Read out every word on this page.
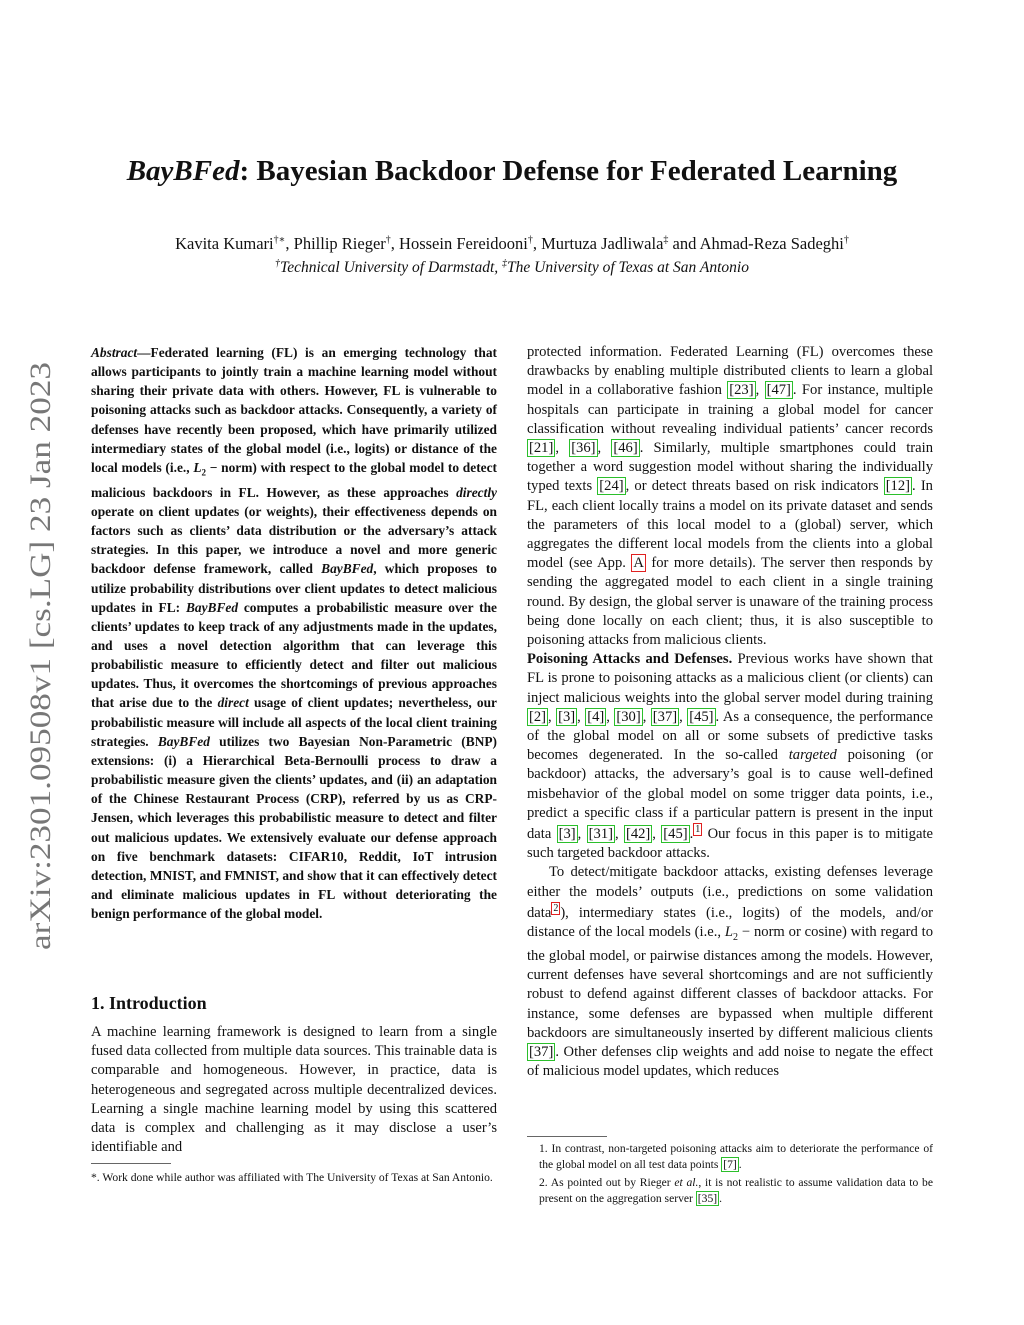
arXiv:2301.09508v1 [cs.LG] 23 Jan 2023
BayBFed: Bayesian Backdoor Defense for Federated Learning
Kavita Kumari†∗, Phillip Rieger†, Hossein Fereidooni†, Murtuza Jadliwala‡ and Ahmad-Reza Sadeghi†
†Technical University of Darmstadt, ‡The University of Texas at San Antonio

Abstract—Federated learning (FL) is an emerging technology that allows participants to jointly train a machine learning model without sharing their private data with others. However, FL is vulnerable to poisoning attacks such as backdoor attacks. Consequently, a variety of defenses have recently been proposed, which have primarily utilized intermediary states of the global model (i.e., logits) or distance of the local models (i.e., $L_2$ − norm) with respect to the global model to detect malicious backdoors in FL. However, as these approaches directly operate on client updates (or weights), their effectiveness depends on factors such as clients’ data distribution or the adversary’s attack strategies. In this paper, we introduce a novel and more generic backdoor defense framework, called BayBFed, which proposes to utilize probability distributions over client updates to detect malicious updates in FL: BayBFed computes a probabilistic measure over the clients’ updates to keep track of any adjustments made in the updates, and uses a novel detection algorithm that can leverage this probabilistic measure to efficiently detect and filter out malicious updates. Thus, it overcomes the shortcomings of previous approaches that arise due to the direct usage of client updates; nevertheless, our probabilistic measure will include all aspects of the local client training strategies. BayBFed utilizes two Bayesian Non-Parametric (BNP) extensions: (i) a Hierarchical Beta-Bernoulli process to draw a probabilistic measure given the clients’ updates, and (ii) an adaptation of the Chinese Restaurant Process (CRP), referred by us as CRP-Jensen, which leverages this probabilistic measure to detect and filter out malicious updates. We extensively evaluate our defense approach on five benchmark datasets: CIFAR10, Reddit, IoT intrusion detection, MNIST, and FMNIST, and show that it can effectively detect and eliminate malicious updates in FL without deteriorating the benign performance of the global model.

1. Introduction

A machine learning framework is designed to learn from a single fused data collected from multiple data sources. This trainable data is comparable and homogeneous. However, in practice, data is heterogeneous and segregated across multiple decentralized devices. Learning a single machine learning model by using this scattered data is complex and challenging as it may disclose a user’s identifiable and

*. Work done while author was affiliated with The University of Texas at San Antonio.

protected information. Federated Learning (FL) overcomes these drawbacks by enabling multiple distributed clients to learn a global model in a collaborative fashion [23] , [47] . For instance, multiple hospitals can participate in training a global model for cancer classification without revealing individual patients’ cancer records [21] , [36] , [46] . Similarly, multiple smartphones could train together a word suggestion model without sharing the individually typed texts [24] , or detect threats based on risk indicators [12] . In FL, each client locally trains a model on its private dataset and sends the parameters of this local model to a (global) server, which aggregates the different local models from the clients into a global model (see App. A for more details). The server then responds by sending the aggregated model to each client in a single training round. By design, the global server is unaware of the training process being done locally on each client; thus, it is also susceptible to poisoning attacks from malicious clients.

Poisoning Attacks and Defenses. Previous works have shown that FL is prone to poisoning attacks as a malicious client (or clients) can inject malicious weights into the global server model during training [2] , [3] , [4] , [30] , [37] , [45] . As a consequence, the performance of the global model on all or some subsets of predictive tasks becomes degenerated. In the so-called targeted poisoning (or backdoor) attacks, the adversary’s goal is to cause well-defined misbehavior of the global model on some trigger data points, i.e., predict a specific class if a particular pattern is present in the input data [3] , [31] , [42] , [45] . $^1$ Our focus in this paper is to mitigate such targeted backdoor attacks.

To detect/mitigate backdoor attacks, existing defenses leverage either the models’ outputs (i.e., predictions on some validation data $^2$ ), intermediary states (i.e., logits) of the models, and/or distance of the local models (i.e., $L_2$ − norm or cosine) with regard to the global model, or pairwise distances among the models. However, current defenses have several shortcomings and are not sufficiently robust to defend against different classes of backdoor attacks. For instance, some defenses are bypassed when multiple different backdoors are simultaneously inserted by different malicious clients [37] . Other defenses clip weights and add noise to negate the effect of malicious model updates, which reduces

1. In contrast, non-targeted poisoning attacks aim to deteriorate the performance of the global model on all test data points [7] .

2. As pointed out by Rieger et al., it is not realistic to assume validation data to be present on the aggregation server [35] .
